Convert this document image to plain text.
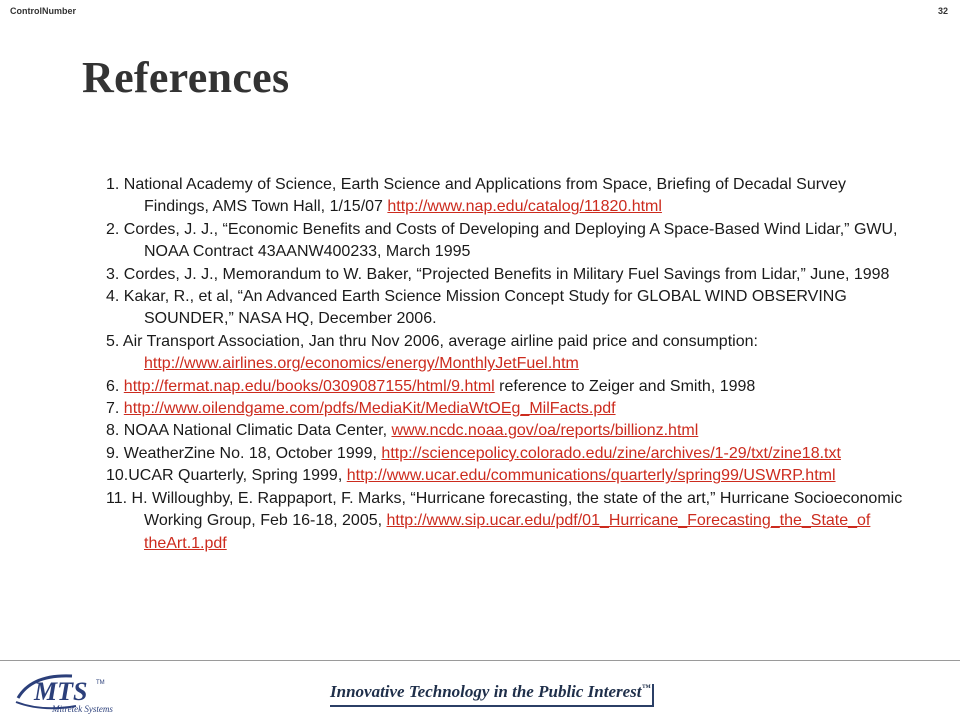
ControlNumber	32
References
1. National Academy of Science, Earth Science and Applications from Space, Briefing of Decadal Survey Findings, AMS Town Hall, 1/15/07 http://www.nap.edu/catalog/11820.html
2. Cordes, J. J., “Economic Benefits and Costs of Developing and Deploying A Space-Based Wind Lidar,” GWU, NOAA Contract 43AANW400233, March 1995
3. Cordes, J. J., Memorandum to W. Baker, “Projected Benefits in Military Fuel Savings from Lidar,” June, 1998
4. Kakar, R., et al, “An Advanced Earth Science Mission Concept Study for GLOBAL WIND OBSERVING SOUNDER,” NASA HQ, December 2006.
5. Air Transport Association, Jan thru Nov 2006, average airline paid price and consumption: http://www.airlines.org/economics/energy/MonthlyJetFuel.htm
6. http://fermat.nap.edu/books/0309087155/html/9.html reference to Zeiger and Smith, 1998
7. http://www.oilendgame.com/pdfs/MediaKit/MediaWtOEg_MilFacts.pdf
8. NOAA National Climatic Data Center, www.ncdc.noaa.gov/oa/reports/billionz.html
9. WeatherZine No. 18, October 1999, http://sciencepolicy.colorado.edu/zine/archives/1-29/txt/zine18.txt
10.UCAR Quarterly, Spring 1999, http://www.ucar.edu/communications/quarterly/spring99/USWRP.html
11. H. Willoughby, E. Rappaport, F. Marks, “Hurricane forecasting, the state of the art,” Hurricane Socioeconomic Working Group, Feb 16-18, 2005, http://www.sip.ucar.edu/pdf/01_Hurricane_Forecasting_the_State_of theArt.1.pdf
MTS TM
Mitretek Systems
Innovative Technology in the Public Interest™
